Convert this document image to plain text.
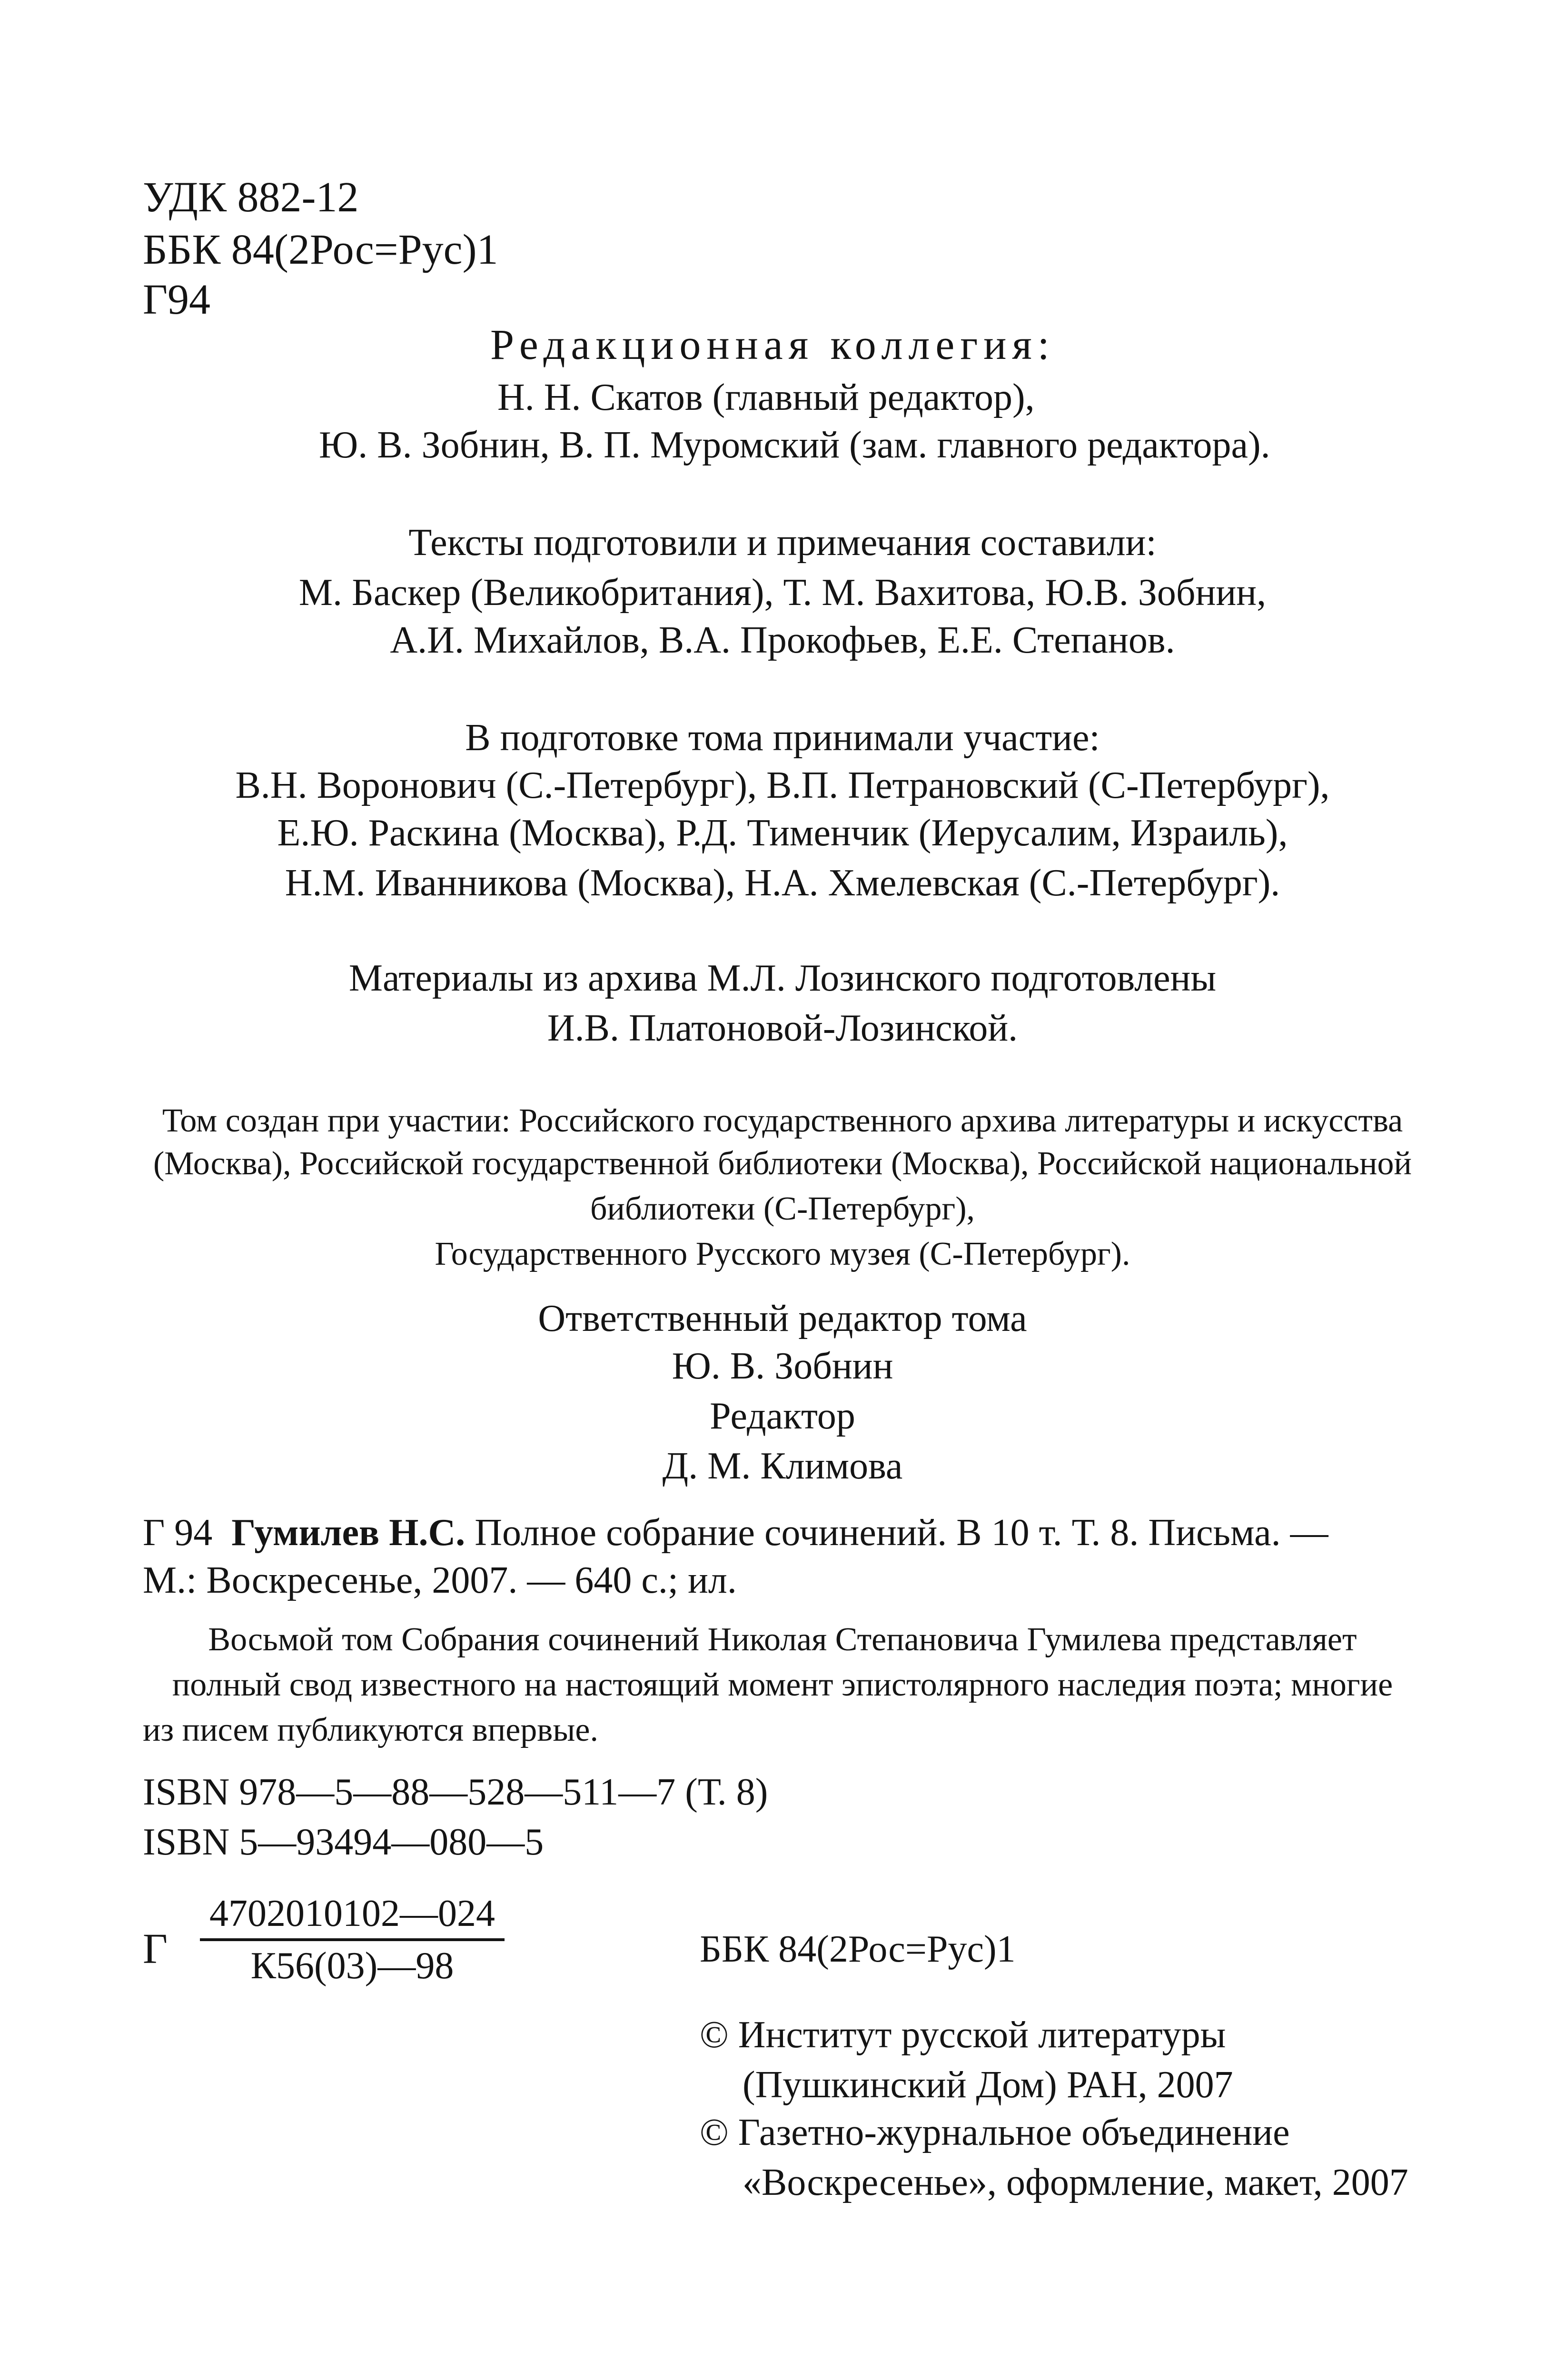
УДК 882-12
ББК 84(2Рос=Рус)1
Г94
Редакционная коллегия:
Н. Н. Скатов (главный редактор),
Ю. В. Зобнин, В. П. Муромский (зам. главного редактора).
Тексты подготовили и примечания составили:
М. Баскер (Великобритания), Т. М. Вахитова, Ю.В. Зобнин,
А.И. Михайлов, В.А. Прокофьев, Е.Е. Степанов.
В подготовке тома принимали участие:
В.Н. Воронович (С.-Петербург), В.П. Петрановский (С-Петербург),
Е.Ю. Раскина (Москва), Р.Д. Тименчик (Иерусалим, Израиль),
Н.М. Иванникова (Москва), Н.А. Хмелевская (С.-Петербург).
Материалы из архива М.Л. Лозинского подготовлены
И.В. Платоновой-Лозинской.
Том создан при участии: Российского государственного архива литературы и искусства
(Москва), Российской государственной библиотеки (Москва), Российской национальной
библиотеки (С-Петербург),
Государственного Русского музея (С-Петербург).
Ответственный редактор тома
Ю. В. Зобнин
Редактор
Д. М. Климова
Г 94 Гумилев Н.С. Полное собрание сочинений. В 10 т. Т. 8. Письма. —
М.: Воскресенье, 2007. — 640 с.; ил.
Восьмой том Собрания сочинений Николая Степановича Гумилева представляет
полный свод известного на настоящий момент эпистолярного наследия поэта; многие
из писем публикуются впервые.
ISBN 978—5—88—528—511—7 (Т. 8)
ISBN 5—93494—080—5
Г
4702010102—024
К56(03)—98	ББК 84(2Рос=Рус)1
© Институт русской литературы
(Пушкинский Дом) РАН, 2007
© Газетно-журнальное объединение
«Воскресенье», оформление, макет, 2007
